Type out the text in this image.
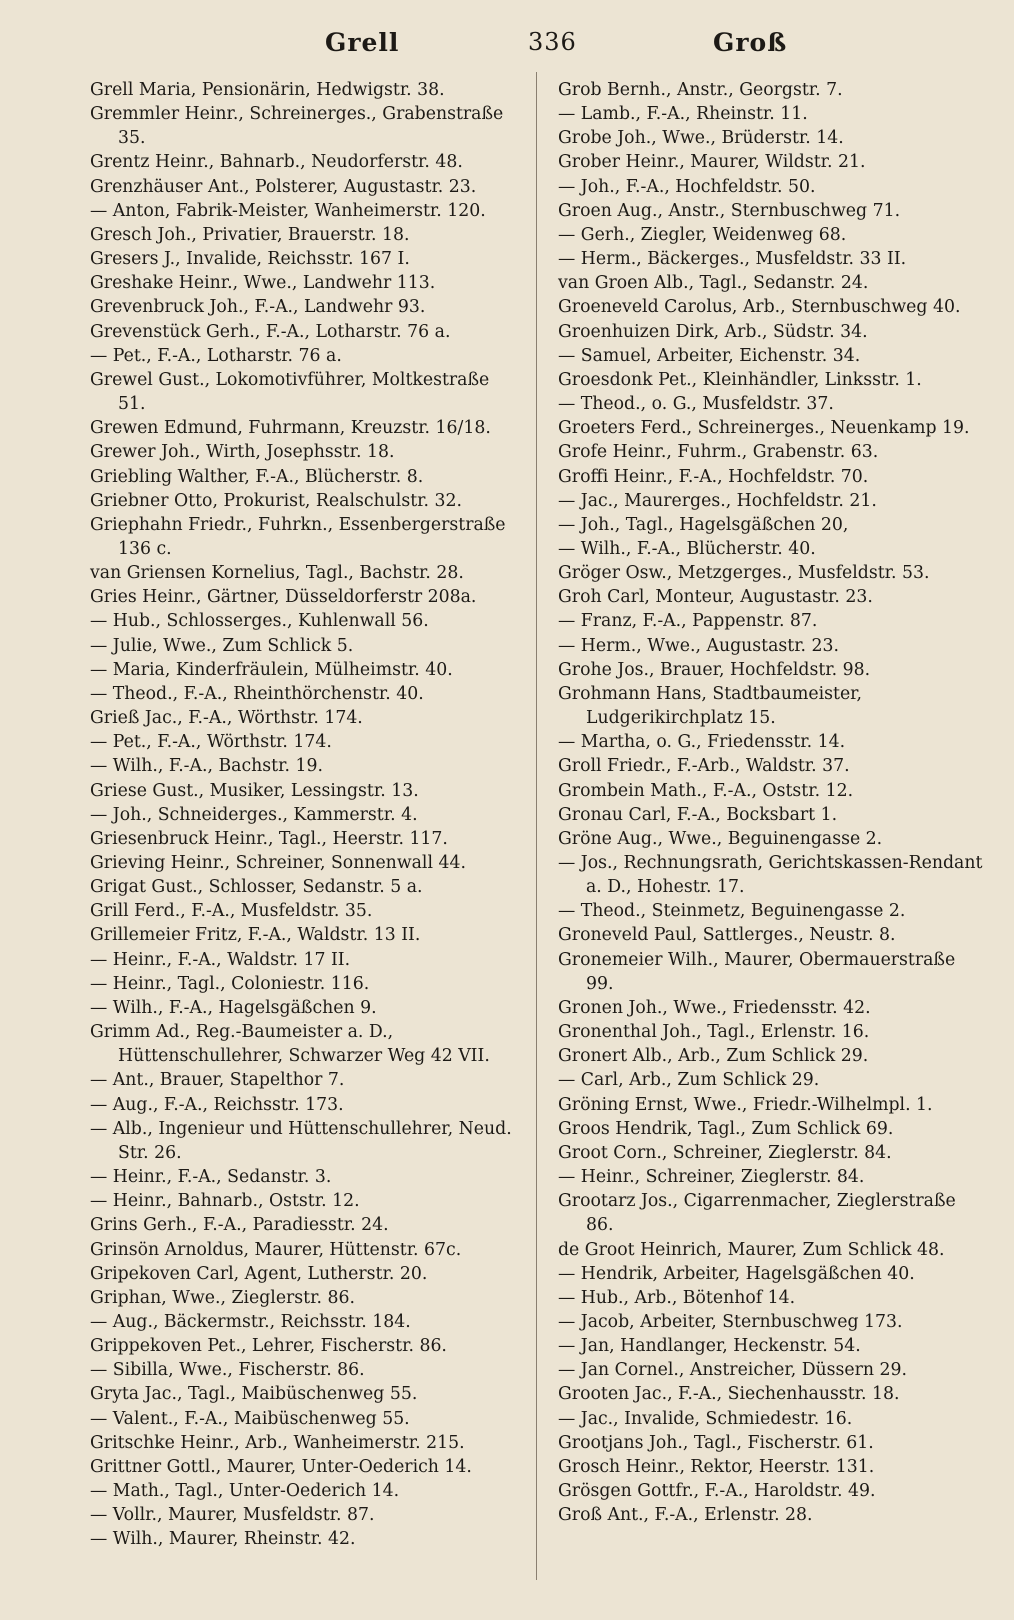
Grell	336	Groß
Grell Maria, Pensionärin, Hedwigstr. 38.
Gremmler Heinr., Schreinerges., Grabenstraße 35.
Grentz Heinr., Bahnarb., Neudorferstr. 48.
Grenzhäuser Ant., Polsterer, Augustastr. 23.
— Anton, Fabrik-Meister, Wanheimerstr. 120.
Gresch Joh., Privatier, Brauerstr. 18.
Gresers J., Invalide, Reichsstr. 167 I.
Greshake Heinr., Wwe., Landwehr 113.
Grevenbruck Joh., F.-A., Landwehr 93.
Grevenstück Gerh., F.-A., Lotharstr. 76 a.
— Pet., F.-A., Lotharstr. 76 a.
Grewel Gust., Lokomotivführer, Moltkestraße 51.
Grewen Edmund, Fuhrmann, Kreuzstr. 16/18.
Grewer Joh., Wirth, Josephsstr. 18.
Griebling Walther, F.-A., Blücherstr. 8.
Griebner Otto, Prokurist, Realschulstr. 32.
Griephahn Friedr., Fuhrkn., Essenbergerstraße 136 c.
van Griensen Kornelius, Tagl., Bachstr. 28.
Gries Heinr., Gärtner, Düsseldorferstr 208a.
— Hub., Schlosserges., Kuhlenwall 56.
— Julie, Wwe., Zum Schlick 5.
— Maria, Kinderfräulein, Mülheimstr. 40.
— Theod., F.-A., Rheinthörchenstr. 40.
Grieß Jac., F.-A., Wörthstr. 174.
— Pet., F.-A., Wörthstr. 174.
— Wilh., F.-A., Bachstr. 19.
Griese Gust., Musiker, Lessingstr. 13.
— Joh., Schneiderges., Kammerstr. 4.
Griesenbruck Heinr., Tagl., Heerstr. 117.
Grieving Heinr., Schreiner, Sonnenwall 44.
Grigat Gust., Schlosser, Sedanstr. 5 a.
Grill Ferd., F.-A., Musfeldstr. 35.
Grillemeier Fritz, F.-A., Waldstr. 13 II.
— Heinr., F.-A., Waldstr. 17 II.
— Heinr., Tagl., Coloniestr. 116.
— Wilh., F.-A., Hagelsgäßchen 9.
Grimm Ad., Reg.-Baumeister a. D., Hüttenschullehrer, Schwarzer Weg 42 VII.
— Ant., Brauer, Stapelthor 7.
— Aug., F.-A., Reichsstr. 173.
— Alb., Ingenieur und Hüttenschullehrer, Neud. Str. 26.
— Heinr., F.-A., Sedanstr. 3.
— Heinr., Bahnarb., Oststr. 12.
Grins Gerh., F.-A., Paradiesstr. 24.
Grinsön Arnoldus, Maurer, Hüttenstr. 67c.
Gripekoven Carl, Agent, Lutherstr. 20.
Griphan, Wwe., Zieglerstr. 86.
— Aug., Bäckermstr., Reichsstr. 184.
Grippekoven Pet., Lehrer, Fischerstr. 86.
— Sibilla, Wwe., Fischerstr. 86.
Gryta Jac., Tagl., Maibüschenweg 55.
— Valent., F.-A., Maibüschenweg 55.
Gritschke Heinr., Arb., Wanheimerstr. 215.
Grittner Gottl., Maurer, Unter-Oederich 14.
— Math., Tagl., Unter-Oederich 14.
— Vollr., Maurer, Musfeldstr. 87.
— Wilh., Maurer, Rheinstr. 42.
Grob Bernh., Anstr., Georgstr. 7.
— Lamb., F.-A., Rheinstr. 11.
Grobe Joh., Wwe., Brüderstr. 14.
Grober Heinr., Maurer, Wildstr. 21.
— Joh., F.-A., Hochfeldstr. 50.
Groen Aug., Anstr., Sternbuschweg 71.
— Gerh., Ziegler, Weidenweg 68.
— Herm., Bäckerges., Musfeldstr. 33 II.
van Groen Alb., Tagl., Sedanstr. 24.
Groeneveld Carolus, Arb., Sternbuschweg 40.
Groenhuizen Dirk, Arb., Südstr. 34.
— Samuel, Arbeiter, Eichenstr. 34.
Groesdonk Pet., Kleinhändler, Linksstr. 1.
— Theod., o. G., Musfeldstr. 37.
Groeters Ferd., Schreinerges., Neuenkamp 19.
Grofe Heinr., Fuhrm., Grabenstr. 63.
Groffi Heinr., F.-A., Hochfeldstr. 70.
— Jac., Maurerges., Hochfeldstr. 21.
— Joh., Tagl., Hagelsgäßchen 20,
— Wilh., F.-A., Blücherstr. 40.
Gröger Osw., Metzgerges., Musfeldstr. 53.
Groh Carl, Monteur, Augustastr. 23.
— Franz, F.-A., Pappenstr. 87.
— Herm., Wwe., Augustastr. 23.
Grohe Jos., Brauer, Hochfeldstr. 98.
Grohmann Hans, Stadtbaumeister, Ludgerikirchplatz 15.
— Martha, o. G., Friedensstr. 14.
Groll Friedr., F.-Arb., Waldstr. 37.
Grombein Math., F.-A., Oststr. 12.
Gronau Carl, F.-A., Bocksbart 1.
Gröne Aug., Wwe., Beguinengasse 2.
— Jos., Rechnungsrath, Gerichtskassen-Rendant a. D., Hohestr. 17.
— Theod., Steinmetz, Beguinengasse 2.
Groneveld Paul, Sattlerges., Neustr. 8.
Gronemeier Wilh., Maurer, Obermauerstraße 99.
Gronen Joh., Wwe., Friedensstr. 42.
Gronenthal Joh., Tagl., Erlenstr. 16.
Gronert Alb., Arb., Zum Schlick 29.
— Carl, Arb., Zum Schlick 29.
Gröning Ernst, Wwe., Friedr.-Wilhelmpl. 1.
Groos Hendrik, Tagl., Zum Schlick 69.
Groot Corn., Schreiner, Zieglerstr. 84.
— Heinr., Schreiner, Zieglerstr. 84.
Grootarz Jos., Cigarrenmacher, Zieglerstraße 86.
de Groot Heinrich, Maurer, Zum Schlick 48.
— Hendrik, Arbeiter, Hagelsgäßchen 40.
— Hub., Arb., Bötenhof 14.
— Jacob, Arbeiter, Sternbuschweg 173.
— Jan, Handlanger, Heckenstr. 54.
— Jan Cornel., Anstreicher, Düssern 29.
Grooten Jac., F.-A., Siechenhausstr. 18.
— Jac., Invalide, Schmiedestr. 16.
Grootjans Joh., Tagl., Fischerstr. 61.
Grosch Heinr., Rektor, Heerstr. 131.
Grösgen Gottfr., F.-A., Haroldstr. 49.
Groß Ant., F.-A., Erlenstr. 28.
